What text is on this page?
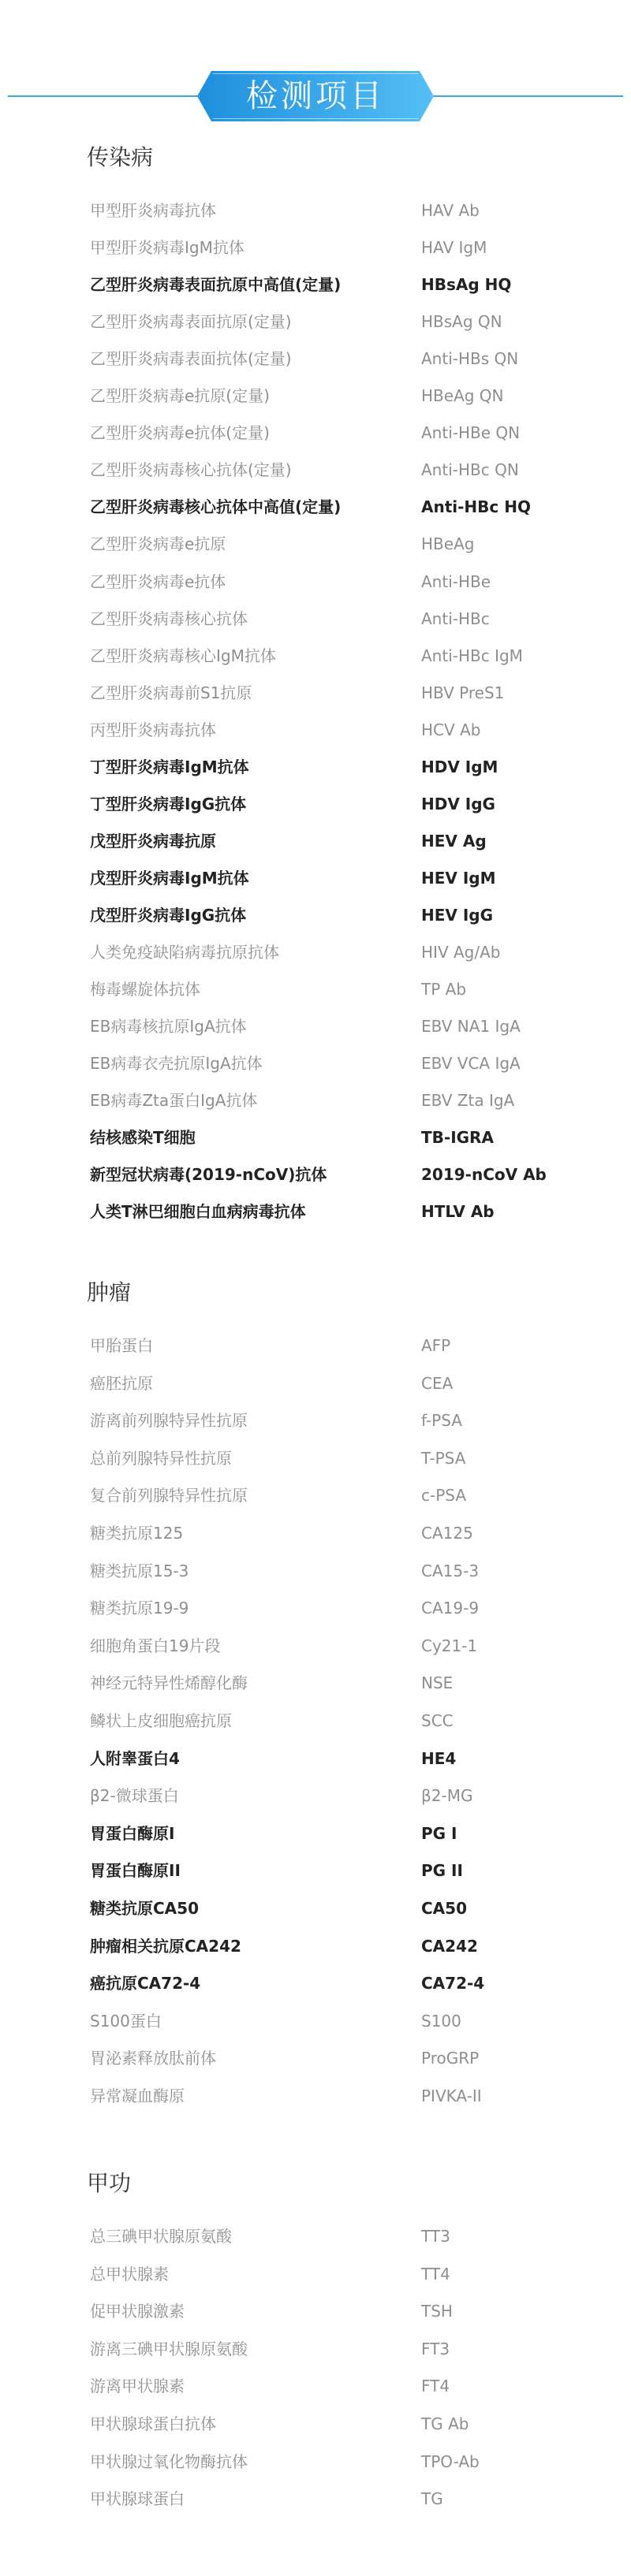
检测项目
传染病
甲型肝炎病毒抗体	HAV Ab
甲型肝炎病毒IgM抗体	HAV IgM
乙型肝炎病毒表面抗原中高值(定量)	HBsAg HQ
乙型肝炎病毒表面抗原(定量)	HBsAg QN
乙型肝炎病毒表面抗体(定量)	Anti-HBs QN
乙型肝炎病毒e抗原(定量)	HBeAg QN
乙型肝炎病毒e抗体(定量)	Anti-HBe QN
乙型肝炎病毒核心抗体(定量)	Anti-HBc QN
乙型肝炎病毒核心抗体中高值(定量)	Anti-HBc HQ
乙型肝炎病毒e抗原	HBeAg
乙型肝炎病毒e抗体	Anti-HBe
乙型肝炎病毒核心抗体	Anti-HBc
乙型肝炎病毒核心IgM抗体	Anti-HBc IgM
乙型肝炎病毒前S1抗原	HBV PreS1
丙型肝炎病毒抗体	HCV Ab
丁型肝炎病毒IgM抗体	HDV IgM
丁型肝炎病毒IgG抗体	HDV IgG
戊型肝炎病毒抗原	HEV Ag
戊型肝炎病毒IgM抗体	HEV IgM
戊型肝炎病毒IgG抗体	HEV IgG
人类免疫缺陷病毒抗原抗体	HIV Ag/Ab
梅毒螺旋体抗体	TP Ab
EB病毒核抗原IgA抗体	EBV NA1 IgA
EB病毒衣壳抗原IgA抗体	EBV VCA IgA
EB病毒Zta蛋白IgA抗体	EBV Zta IgA
结核感染T细胞	TB-IGRA
新型冠状病毒(2019-nCoV)抗体	2019-nCoV Ab
人类T淋巴细胞白血病病毒抗体	HTLV Ab
肿瘤
甲胎蛋白	AFP
癌胚抗原	CEA
游离前列腺特异性抗原	f-PSA
总前列腺特异性抗原	T-PSA
复合前列腺特异性抗原	c-PSA
糖类抗原125	CA125
糖类抗原15-3	CA15-3
糖类抗原19-9	CA19-9
细胞角蛋白19片段	Cy21-1
神经元特异性烯醇化酶	NSE
鳞状上皮细胞癌抗原	SCC
人附睾蛋白4	HE4
β2-微球蛋白	β2-MG
胃蛋白酶原I	PG I
胃蛋白酶原II	PG II
糖类抗原CA50	CA50
肿瘤相关抗原CA242	CA242
癌抗原CA72-4	CA72-4
S100蛋白	S100
胃泌素释放肽前体	ProGRP
异常凝血酶原	PIVKA-II
甲功
总三碘甲状腺原氨酸	TT3
总甲状腺素	TT4
促甲状腺激素	TSH
游离三碘甲状腺原氨酸	FT3
游离甲状腺素	FT4
甲状腺球蛋白抗体	TG Ab
甲状腺过氧化物酶抗体	TPO-Ab
甲状腺球蛋白	TG
